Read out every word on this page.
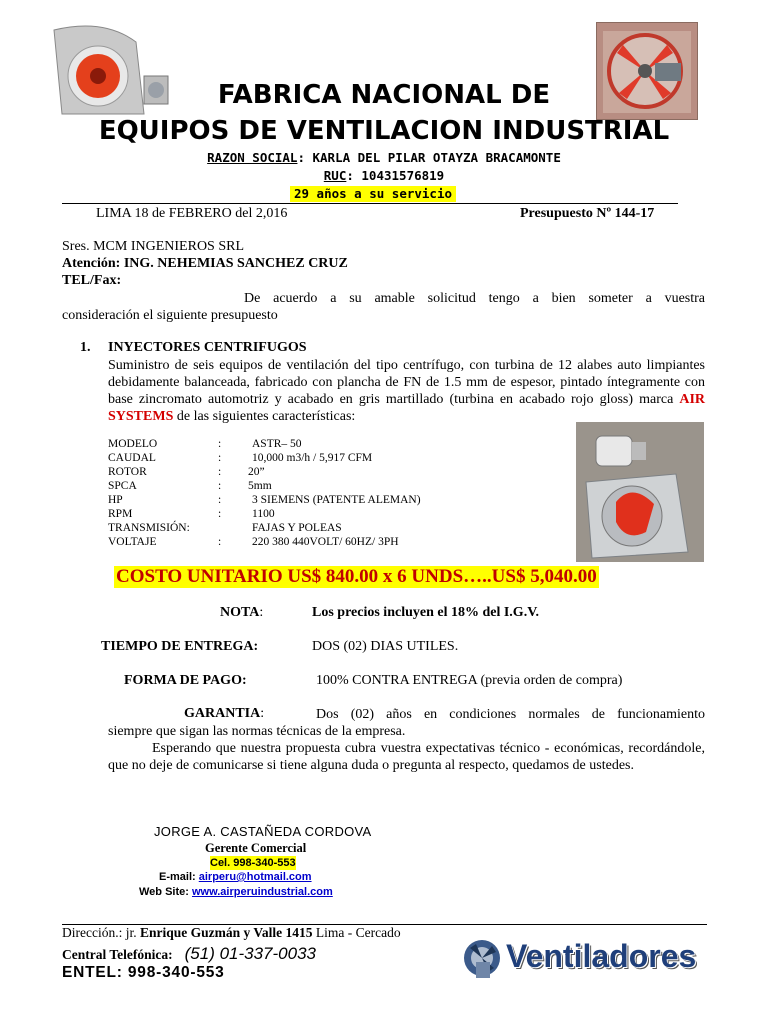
FABRICA NACIONAL DE
EQUIPOS DE VENTILACION INDUSTRIAL
RAZON SOCIAL: KARLA DEL PILAR OTAYZA BRACAMONTE
RUC: 10431576819
29 años a su servicio
LIMA 18 de FEBRERO del 2,016	Presupuesto Nº 144-17
Sres. MCM INGENIEROS SRL
Atención: ING. NEHEMIAS SANCHEZ CRUZ
TEL/Fax:
De acuerdo a su amable solicitud tengo a bien someter a vuestra
consideración el siguiente presupuesto
1. INYECTORES CENTRIFUGOS
Suministro de seis equipos de ventilación del tipo centrífugo, con turbina de 12 alabes auto limpiantes debidamente balanceada, fabricado con plancha de FN de 1.5 mm de espesor, pintado íntegramente con base zincromato automotriz y acabado en gris martillado (turbina en acabado rojo gloss) marca AIR SYSTEMS de las siguientes características:
MODELO	:	ASTR– 50
CAUDAL	:	10,000 m3/h / 5,917 CFM
ROTOR	:	20”
SPCA	:	5mm
HP	:	3 SIEMENS (PATENTE ALEMAN)
RPM	:	1100
TRANSMISIÓN:		FAJAS Y POLEAS
VOLTAJE	:	220 380 440VOLT/ 60HZ/ 3PH
COSTO UNITARIO US$ 840.00 x 6 UNDS…..US$ 5,040.00
NOTA:	Los precios incluyen el 18% del I.G.V.
TIEMPO DE ENTREGA:	DOS (02) DIAS UTILES.
FORMA DE PAGO:	100% CONTRA ENTREGA (previa orden de compra)
GARANTIA:	Dos (02) años en condiciones normales de funcionamiento
siempre que sigan las normas técnicas de la empresa.
Esperando que nuestra propuesta cubra vuestra expectativas técnico - económicas, recordándole, que no deje de comunicarse si tiene alguna duda o pregunta al respecto, quedamos de ustedes.
JORGE A. CASTAÑEDA CORDOVA
Gerente Comercial
Cel. 998-340-553
E-mail: airperu@hotmail.com
Web Site: www.airperuindustrial.com
Dirección.: jr. Enrique Guzmán y Valle 1415 Lima - Cercado
Central Telefónica: (51) 01-337-0033
ENTEL: 998-340-553	Ventiladores
